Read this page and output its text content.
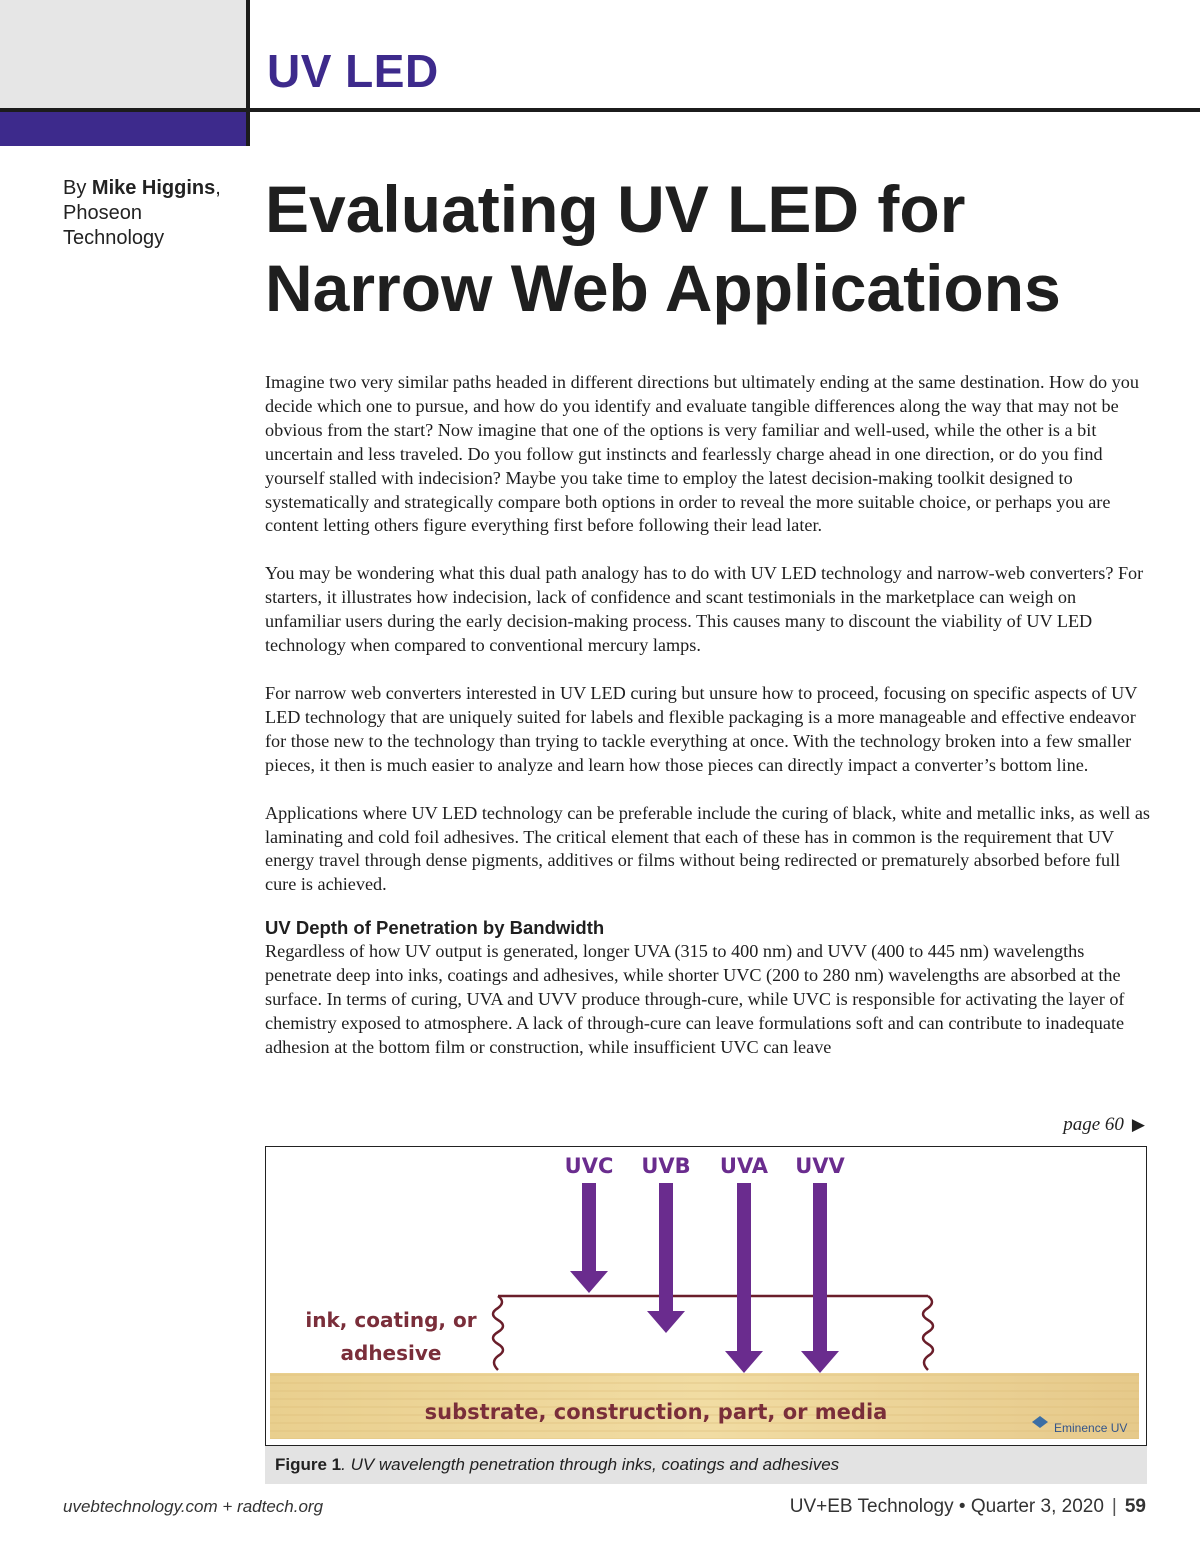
UV LED
By Mike Higgins,
Phoseon
Technology	Evaluating UV LED for
Narrow Web Applications

Imagine two very similar paths headed in different directions but ultimately ending at the same destination. How do you decide which one to pursue, and how do you identify and evaluate tangible differences along the way that may not be obvious from the start? Now imagine that one of the options is very familiar and well-used, while the other is a bit uncertain and less traveled. Do you follow gut instincts and fearlessly charge ahead in one direction, or do you find yourself stalled with indecision? Maybe you take time to employ the latest decision-making toolkit designed to systematically and strategically compare both options in order to reveal the more suitable choice, or perhaps you are content letting others figure everything first before following their lead later.

You may be wondering what this dual path analogy has to do with UV LED technology and narrow-web converters? For starters, it illustrates how indecision, lack of confidence and scant testimonials in the marketplace can weigh on unfamiliar users during the early decision-making process. This causes many to discount the viability of UV LED technology when compared to conventional mercury lamps.

For narrow web converters interested in UV LED curing but unsure how to proceed, focusing on specific aspects of UV LED technology that are uniquely suited for labels and flexible packaging is a more manageable and effective endeavor for those new to the technology than trying to tackle everything at once. With the technology broken into a few smaller pieces, it then is much easier to analyze and learn how those pieces can directly impact a converter’s bottom line.

Applications where UV LED technology can be preferable include the curing of black, white and metallic inks, as well as laminating and cold foil adhesives. The critical element that each of these has in common is the requirement that UV energy travel through dense pigments, additives or films without being redirected or prematurely absorbed before full cure is achieved.

UV Depth of Penetration by Bandwidth

Regardless of how UV output is generated, longer UVA (315 to 400 nm) and UVV (400 to 445 nm) wavelengths penetrate deep into inks, coatings and adhesives, while shorter UVC (200 to 280 nm) wavelengths are absorbed at the surface. In terms of curing, UVA and UVV produce through-cure, while UVC is responsible for activating the layer of chemistry exposed to atmosphere. A lack of through-cure can leave formulations soft and can contribute to inadequate adhesion at the bottom film or construction, while insufficient UVC can leave

page 60 ▶
substrate, construction, part, or media
Eminence UV
ink, coating, or
adhesive
UVC UVB UVA UVV
Figure 1. UV wavelength penetration through inks, coatings and adhesives
uvebtechnology.com + radtech.org	UV+EB Technology • Quarter 3, 2020 | 59
